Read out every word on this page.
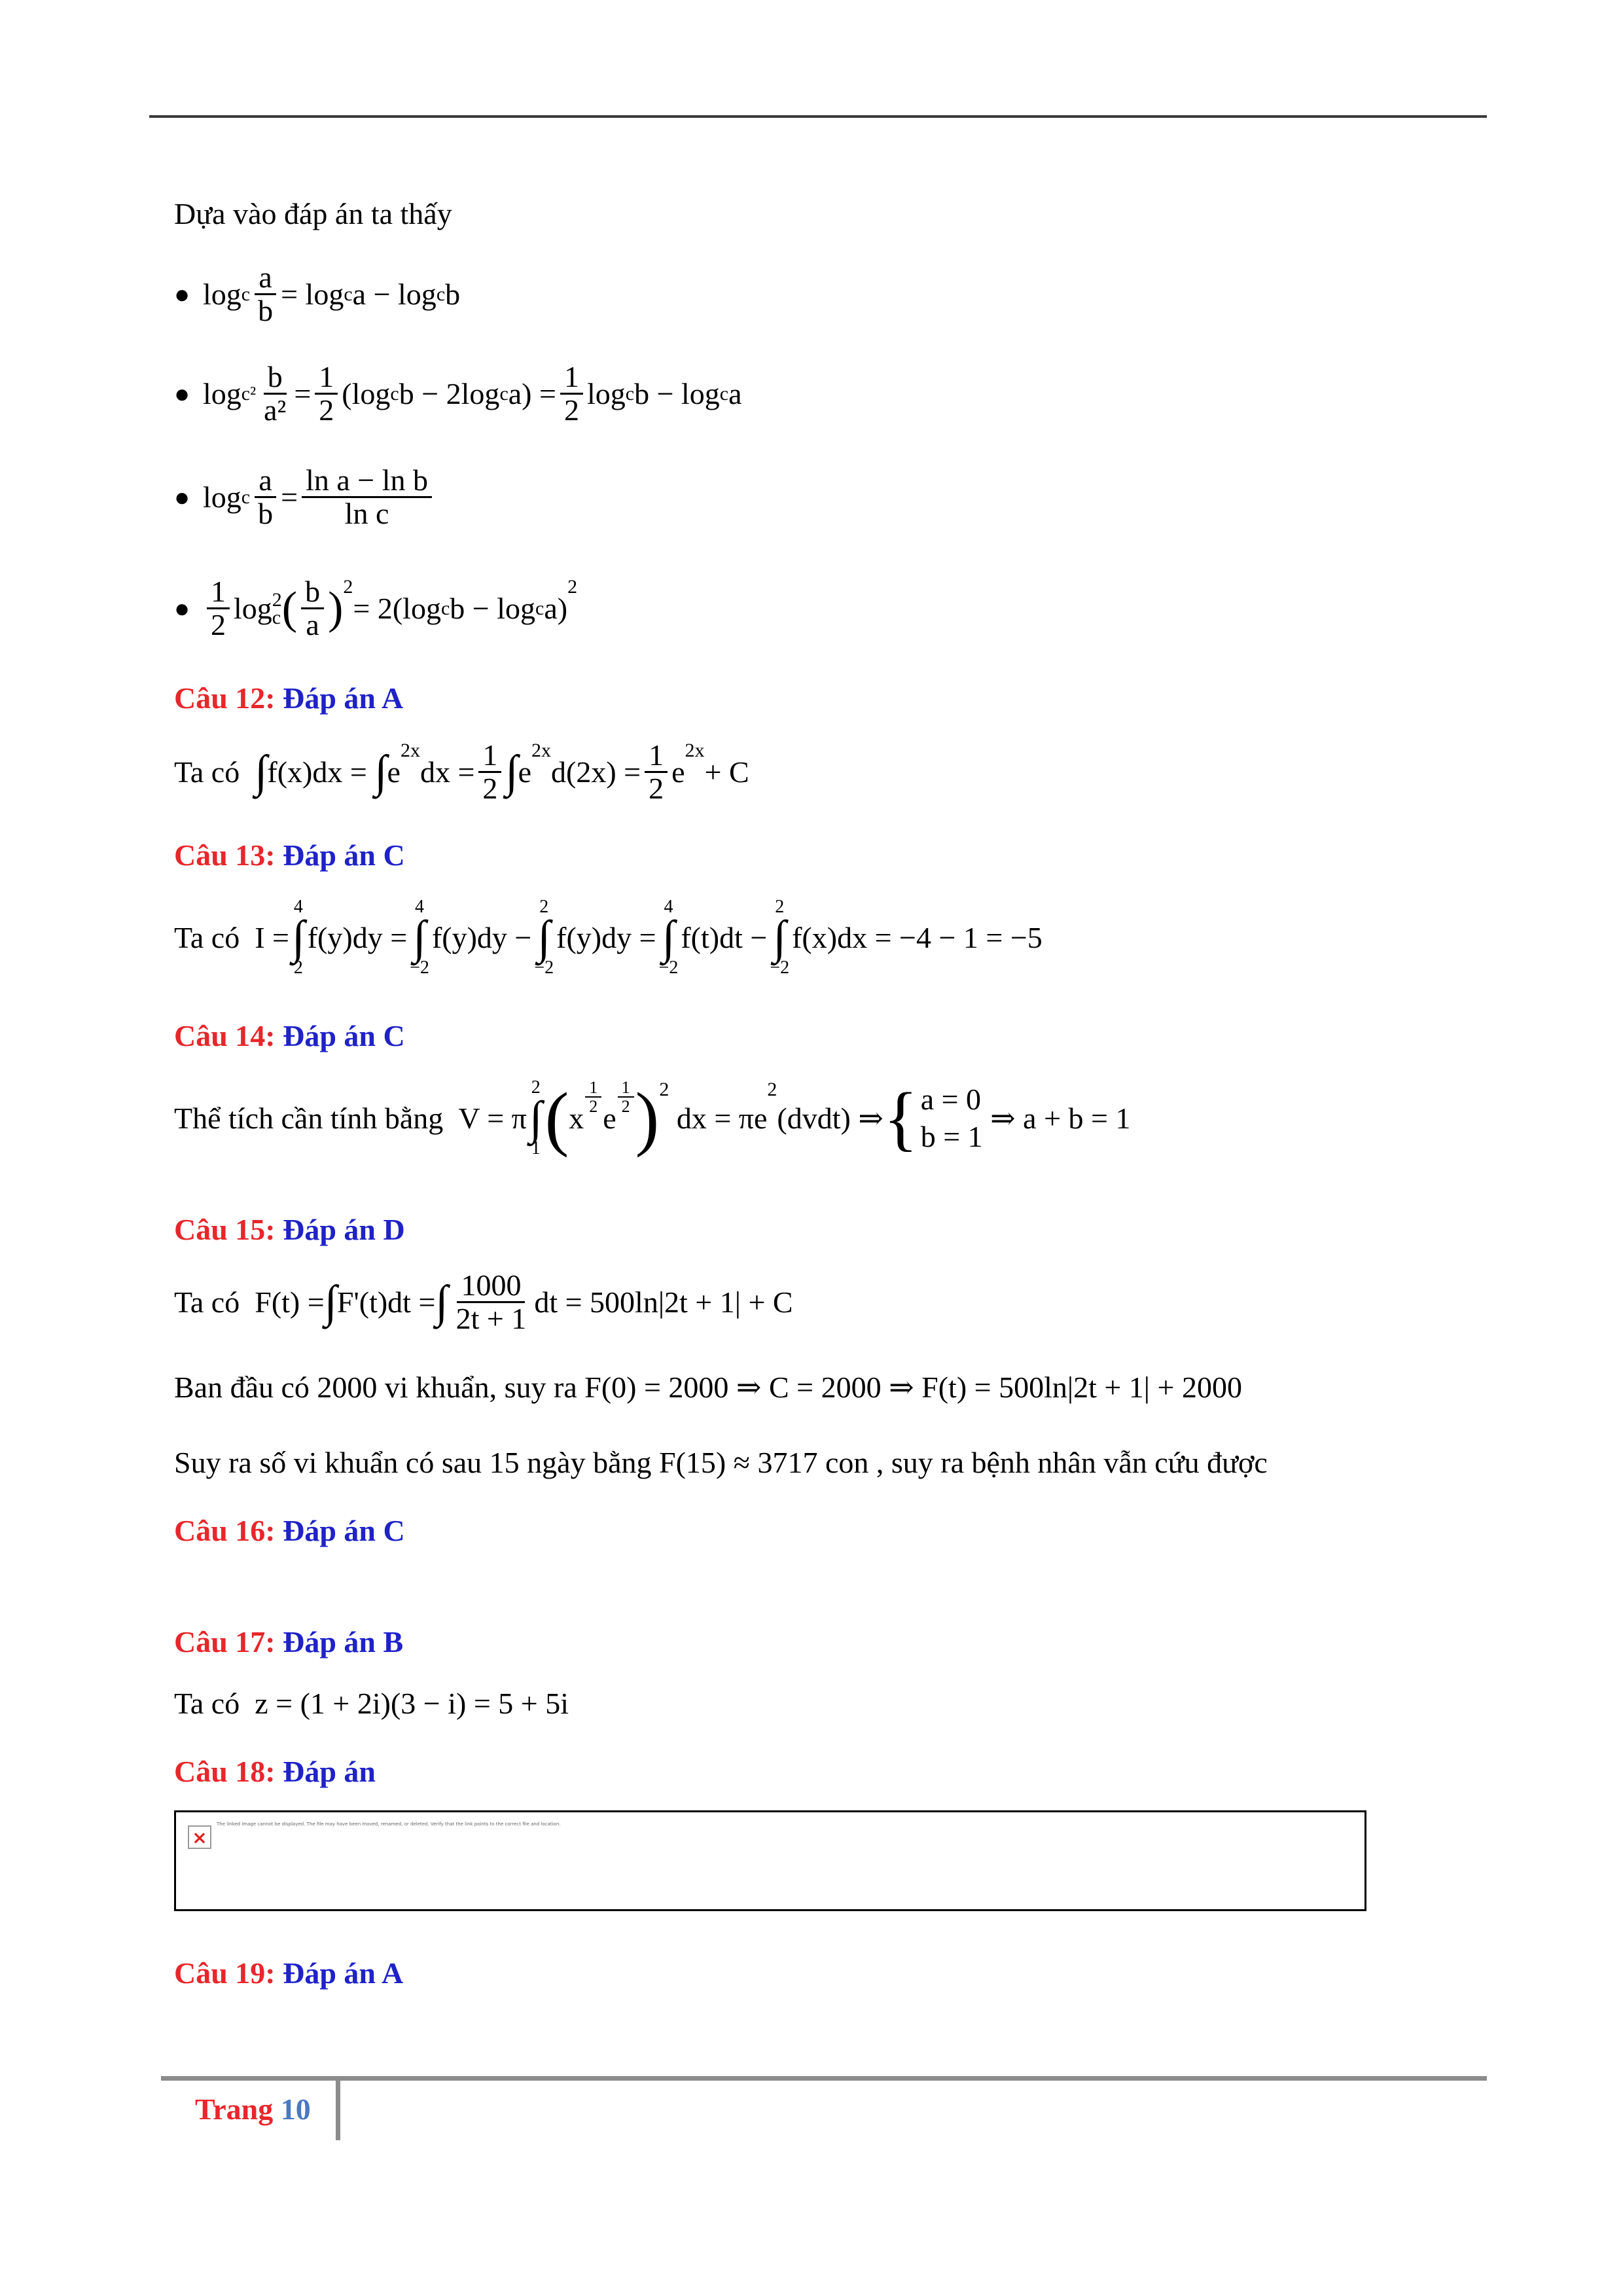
Dựa vào đáp án ta thấy
● log c $\frac{a}{b} = \log c$ a − log c b
● $\log c^2 \frac{b}{\text{a²}} = \frac{1}{2} (\log$ c b − 2log c $a) = \frac{1}{2}$ log c b − log c a
● log c $\frac{a}{b} = \frac{\text{ln a − ln b}}{\text{ln c}}$
● $\frac{1}{2}$ log 2
c ( $\frac{b}{a} )^2$
= 2(log c b − log c a)
$^2$
Câu 12: Đáp án A
Ta có
∫ f(x)dx =
∫ e
$^{2x}$
dx = $\frac{1}{2}$ ∫ e
$^{2x}$
$d(2x) = \frac{1}{2}$ e
$^{2x}$
+ C
Câu 13: Đáp án C
Ta có
I =
4
∫
2
f(y)dy =
4
∫
−2
f(y)dy −
2
∫
−2
f(y)dy =
4
∫
−2
f(t)dt −
2
∫
−2
f(x)dx = −4 − 1 = −5
Câu 14: Đáp án C
Thể tích cần tính bằng
V = π
2
∫
1 ( x
$\frac{1}{2}$
e
$\frac{1}{2} )^2$

dx = πe
$^2$
(dvdt) ⇒ { a = 0
b = 1

⇒ a + b = 1
Câu 15: Đáp án D
Ta có
F(t) = ∫ F'(t)dt = ∫ $\frac{1000}{2t + 1}$ dt = 500ln|2t + 1| + C
Ban đầu có 2000 vi khuẩn, suy ra F(0) = 2000 ⇒ C = 2000 ⇒ F(t) = 500ln|2t + 1| + 2000
Suy ra số vi khuẩn có sau 15 ngày bằng F(15) ≈ 3717 con , suy ra bệnh nhân vẫn cứu được
Câu 16: Đáp án C
Câu 17: Đáp án B
Ta có z = (1 + 2i)(3 − i) = 5 + 5i
Câu 18: Đáp án
×
The linked image cannot be displayed. The file may have been moved, renamed, or deleted. Verify that the link points to the correct file and location.
Câu 19: Đáp án A
Trang 10
